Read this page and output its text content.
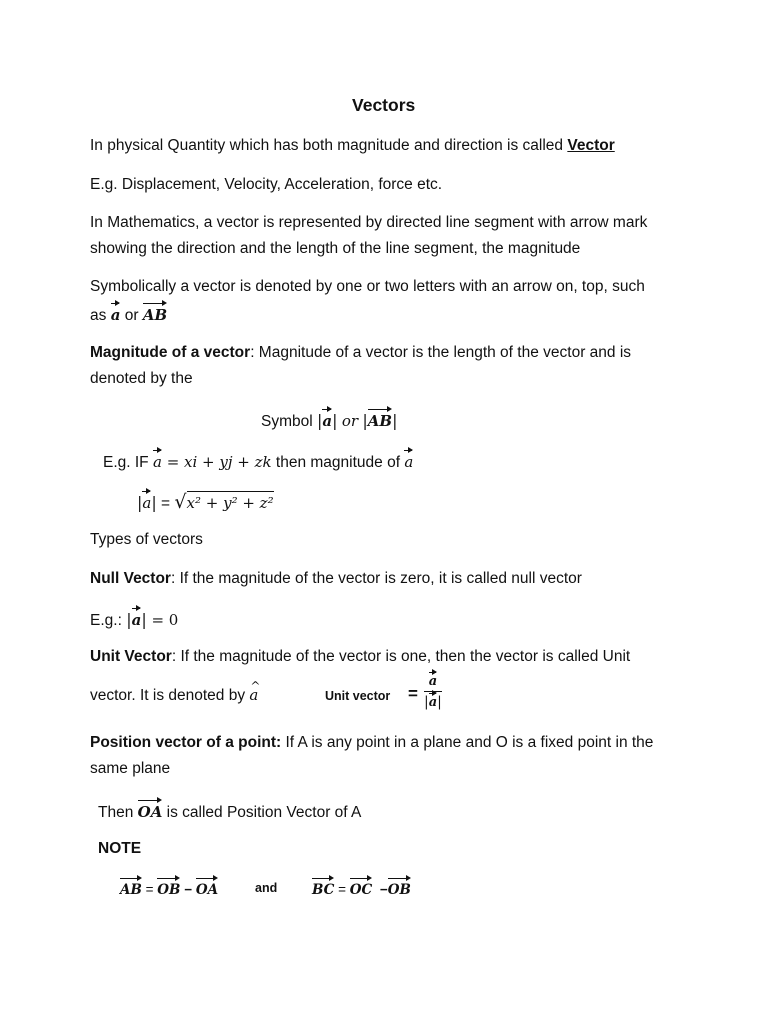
Vectors
In physical Quantity which has both magnitude and direction is called Vector
E.g. Displacement, Velocity, Acceleration, force etc.
In Mathematics, a vector is represented by directed line segment with arrow mark
showing the direction and the length of the line segment, the magnitude
Symbolically a vector is denoted by one or two letters with an arrow on, top, such
as a or AB
Magnitude of a vector: Magnitude of a vector is the length of the vector and is
denoted by the
Symbol |a| or |AB|
E.g. IF a = xi + yj + zk then magnitude of a
|a| = √x² + y² + z²
Types of vectors
Null Vector: If the magnitude of the vector is zero, it is called null vector
E.g.: |a| = 0
Unit Vector: If the magnitude of the vector is one, then the vector is called Unit
vector. It is denoted by ^ a	Unit vector = $\frac{a}{|a|}$
Position vector of a point: If A is any point in a plane and O is a fixed point in the
same plane
Then OA is called Position Vector of A
NOTE
AB = OB − OA	and	BC = OC  −OB
